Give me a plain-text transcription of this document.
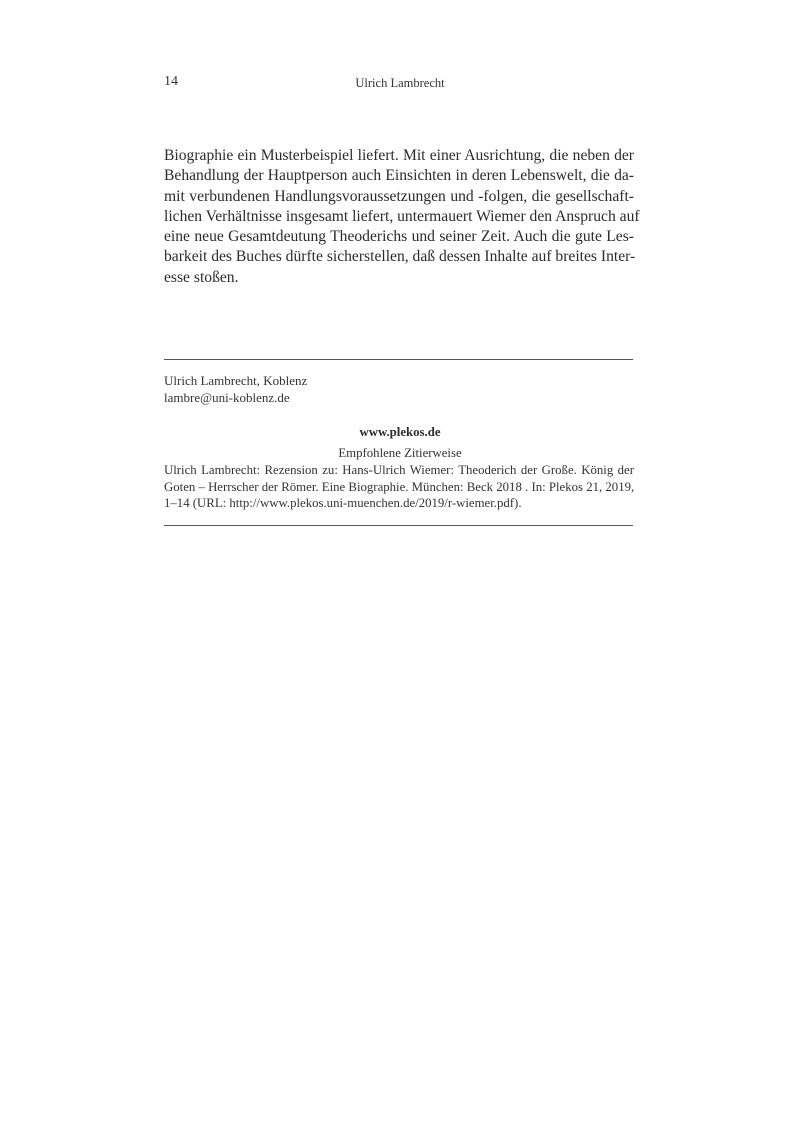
14	Ulrich Lambrecht

Biographie ein Musterbeispiel liefert. Mit einer Ausrichtung, die neben der
Behandlung der Hauptperson auch Einsichten in deren Lebenswelt, die da-
mit verbundenen Handlungsvoraussetzungen und -folgen, die gesellschaft-
lichen Verhältnisse insgesamt liefert, untermauert Wiemer den Anspruch auf
eine neue Gesamtdeutung Theoderichs und seiner Zeit. Auch die gute Les-
barkeit des Buches dürfte sicherstellen, daß dessen Inhalte auf breites Inter-
esse stoßen.

Ulrich Lambrecht, Koblenz
lambre@uni-koblenz.de
www.plekos.de
Empfohlene Zitierweise
Ulrich Lambrecht: Rezension zu: Hans-Ulrich Wiemer: Theoderich der Große. König der
Goten – Herrscher der Römer. Eine Biographie. München: Beck 2018 . In: Plekos 21, 2019,
1–14 (URL: http://www.plekos.uni-muenchen.de/2019/r-wiemer.pdf).
